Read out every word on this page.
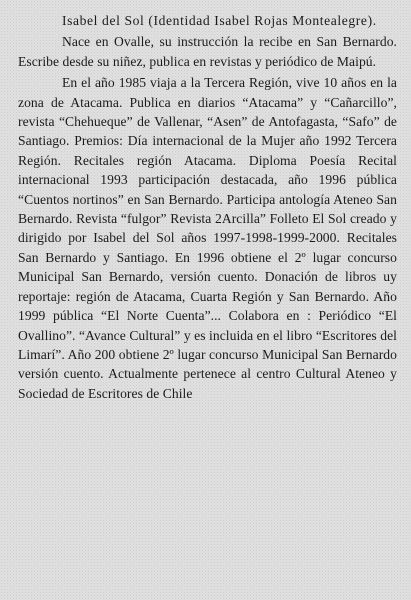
Isabel del Sol (Identidad Isabel Rojas Montealegre).

Nace en Ovalle, su instrucción la recibe en San Bernardo. Escribe desde su niñez, publica en revistas y periódico de Maipú.

En el año 1985 viaja a la Tercera Región, vive 10 años en la zona de Atacama. Publica en diarios “Atacama” y “Cañarcillo”, revista “Chehueque” de Vallenar, “Asen” de Antofagasta, “Safo” de Santiago. Premios: Día internacional de la Mujer año 1992 Tercera Región. Recitales región Atacama. Diploma Poesía Recital internacional 1993 participación destacada, año 1996 pública “Cuentos nortinos” en San Bernardo. Participa antología Ateneo San Bernardo. Revista “fulgor” Revista 2Arcilla” Folleto El Sol creado y dirigido por Isabel del Sol años 1997-1998-1999-2000. Recitales San Bernardo y Santiago. En 1996 obtiene el 2º lugar concurso Municipal San Bernardo, versión cuento. Donación de libros uy reportaje: región de Atacama, Cuarta Región y San Bernardo. Año 1999 pública “El Norte Cuenta”... Colabora en : Periódico “El Ovallino”. “Avance Cultural” y es incluida en el libro “Escritores del Limarí”. Año 200 obtiene 2º lugar concurso Municipal San Bernardo versión cuento. Actualmente pertenece al centro Cultural Ateneo y Sociedad de Escritores de Chile
